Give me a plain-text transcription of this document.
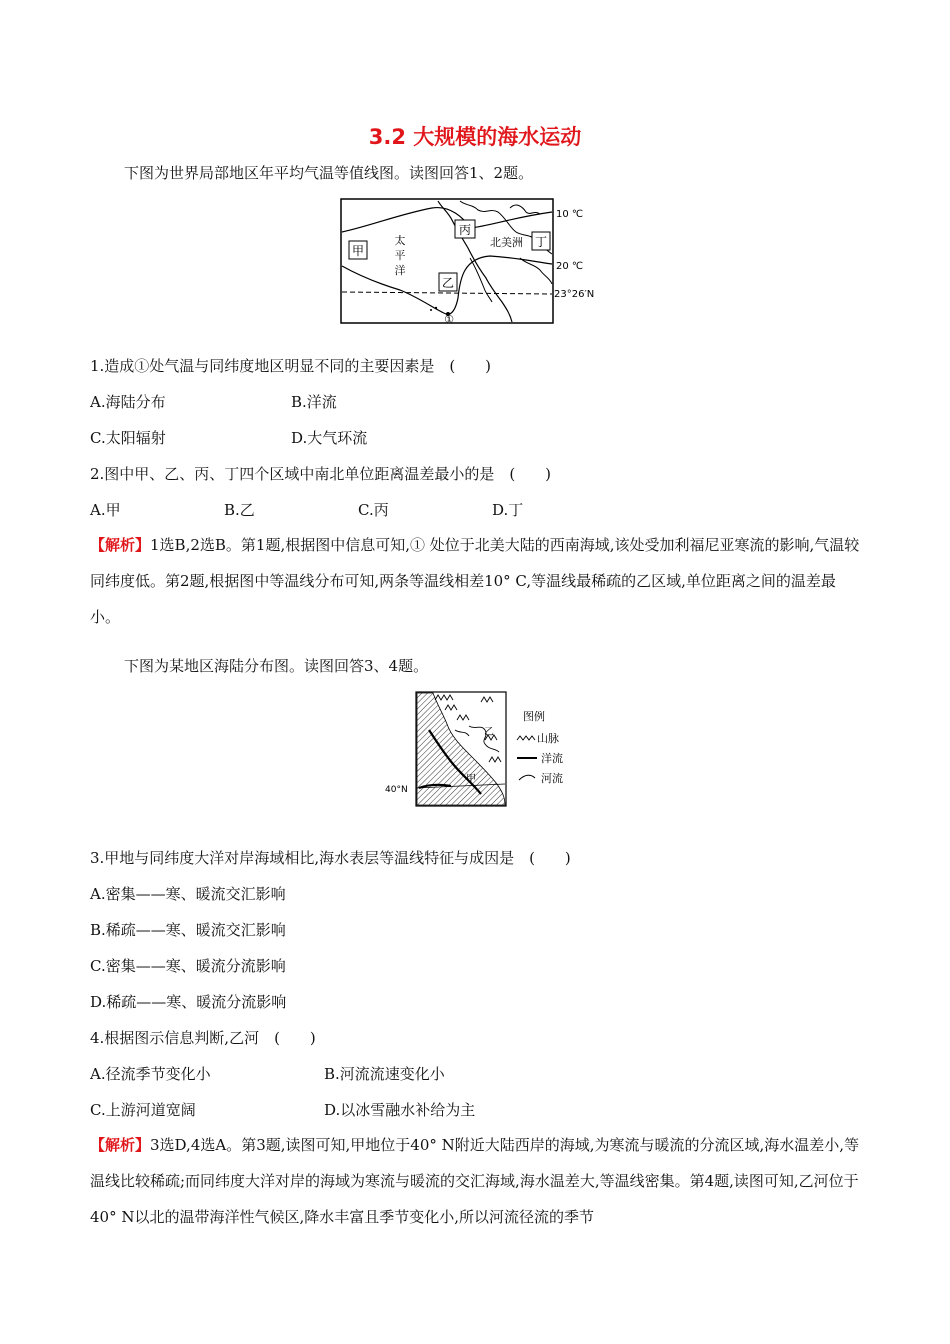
3.2 大规模的海水运动
下图为世界局部地区年平均气温等值线图。读图回答1、2题。
甲
丙
乙
丁
太
平
洋
北美洲
①
10 ℃
20 ℃
23°26′N
1.造成①处气温与同纬度地区明显不同的主要因素是　(　　)
A.海陆分布	B.洋流
C.太阳辐射	D.大气环流
2.图中甲、乙、丙、丁四个区域中南北单位距离温差最小的是　(　　)
A.甲	B.乙	C.丙	D.丁
【解析】1选B,2选B。第1题,根据图中信息可知,① 处位于北美大陆的西南海域,该处受加利福尼亚寒流的影响,气温较同纬度低。第2题,根据图中等温线分布可知,两条等温线相差10° C,等温线最稀疏的乙区域,单位距离之间的温差最小。
下图为某地区海陆分布图。读图回答3、4题。
乙
甲
40°N
图例
山脉
洋流
河流
3.甲地与同纬度大洋对岸海域相比,海水表层等温线特征与成因是　(　　)
A.密集——寒、暖流交汇影响
B.稀疏——寒、暖流交汇影响
C.密集——寒、暖流分流影响
D.稀疏——寒、暖流分流影响
4.根据图示信息判断,乙河　(　　)
A.径流季节变化小	B.河流流速变化小
C.上游河道宽阔	D.以冰雪融水补给为主
【解析】3选D,4选A。第3题,读图可知,甲地位于40° N附近大陆西岸的海域,为寒流与暖流的分流区域,海水温差小,等温线比较稀疏;而同纬度大洋对岸的海域为寒流与暖流的交汇海域,海水温差大,等温线密集。第4题,读图可知,乙河位于40° N以北的温带海洋性气候区,降水丰富且季节变化小,所以河流径流的季节
